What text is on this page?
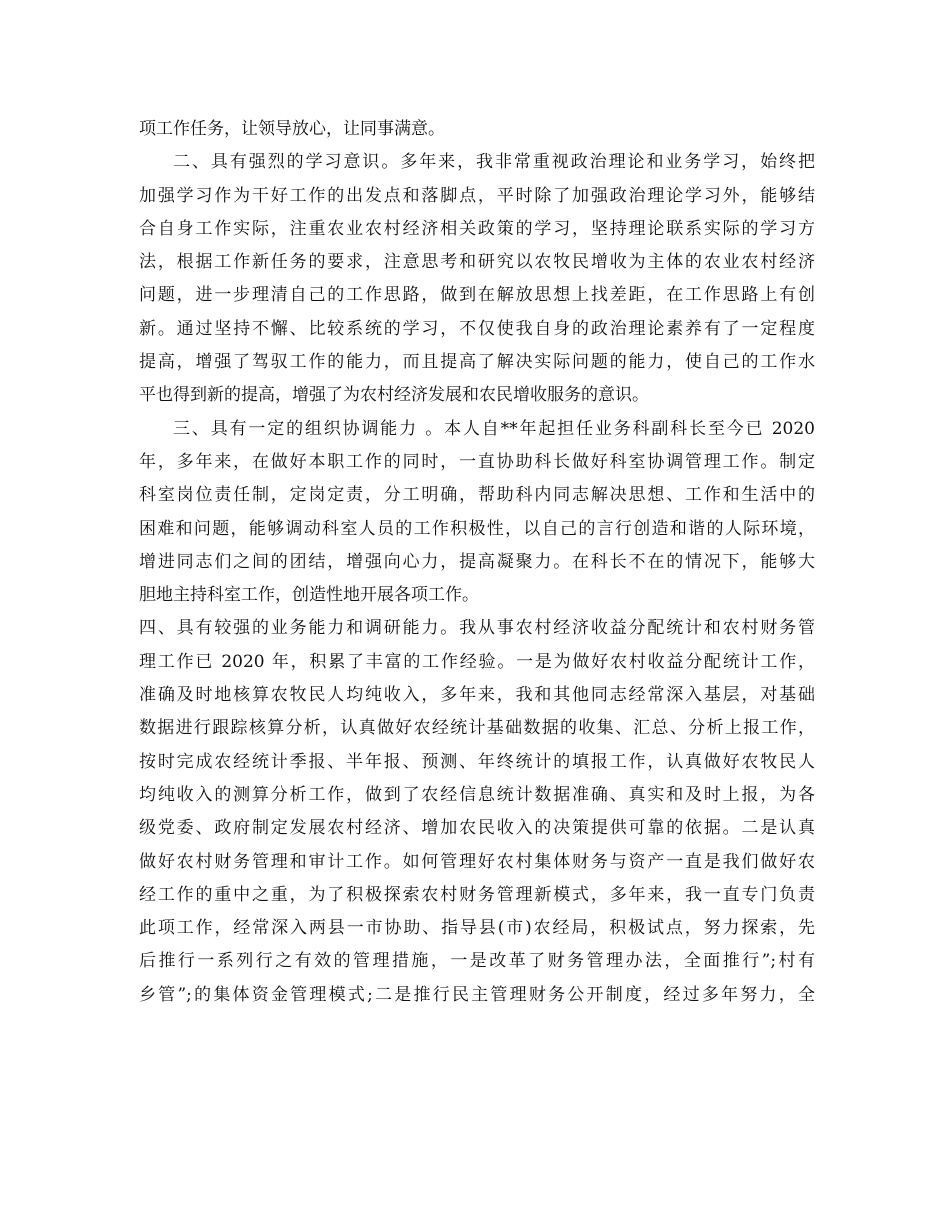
项工作任务，让领导放心，让同事满意。
二、具有强烈的学习意识。多年来，我非常重视政治理论和业务学习，始终把
加强学习作为干好工作的出发点和落脚点，平时除了加强政治理论学习外，能够结
合自身工作实际，注重农业农村经济相关政策的学习，坚持理论联系实际的学习方
法，根据工作新任务的要求，注意思考和研究以农牧民增收为主体的农业农村经济
问题，进一步理清自己的工作思路，做到在解放思想上找差距，在工作思路上有创
新。通过坚持不懈、比较系统的学习，不仅使我自身的政治理论素养有了一定程度
提高，增强了驾驭工作的能力，而且提高了解决实际问题的能力，使自己的工作水
平也得到新的提高，增强了为农村经济发展和农民增收服务的意识。
三、具有一定的组织协调能力 。本人自**年起担任业务科副科长至今已 2020
年，多年来，在做好本职工作的同时，一直协助科长做好科室协调管理工作。制定
科室岗位责任制，定岗定责，分工明确，帮助科内同志解决思想、工作和生活中的
困难和问题，能够调动科室人员的工作积极性，以自己的言行创造和谐的人际环境，
增进同志们之间的团结，增强向心力，提高凝聚力。在科长不在的情况下，能够大
胆地主持科室工作，创造性地开展各项工作。
四、具有较强的业务能力和调研能力。我从事农村经济收益分配统计和农村财务管
理工作已 2020 年，积累了丰富的工作经验。一是为做好农村收益分配统计工作，
准确及时地核算农牧民人均纯收入，多年来，我和其他同志经常深入基层，对基础
数据进行跟踪核算分析，认真做好农经统计基础数据的收集、汇总、分析上报工作，
按时完成农经统计季报、半年报、预测、年终统计的填报工作，认真做好农牧民人
均纯收入的测算分析工作，做到了农经信息统计数据准确、真实和及时上报，为各
级党委、政府制定发展农村经济、增加农民收入的决策提供可靠的依据。二是认真
做好农村财务管理和审计工作。如何管理好农村集体财务与资产一直是我们做好农
经工作的重中之重，为了积极探索农村财务管理新模式，多年来，我一直专门负责
此项工作，经常深入两县一市协助、指导县(市)农经局，积极试点，努力探索，先
后推行一系列行之有效的管理措施，一是改革了财务管理办法，全面推行”;村有
乡管”;的集体资金管理模式;二是推行民主管理财务公开制度，经过多年努力，全
